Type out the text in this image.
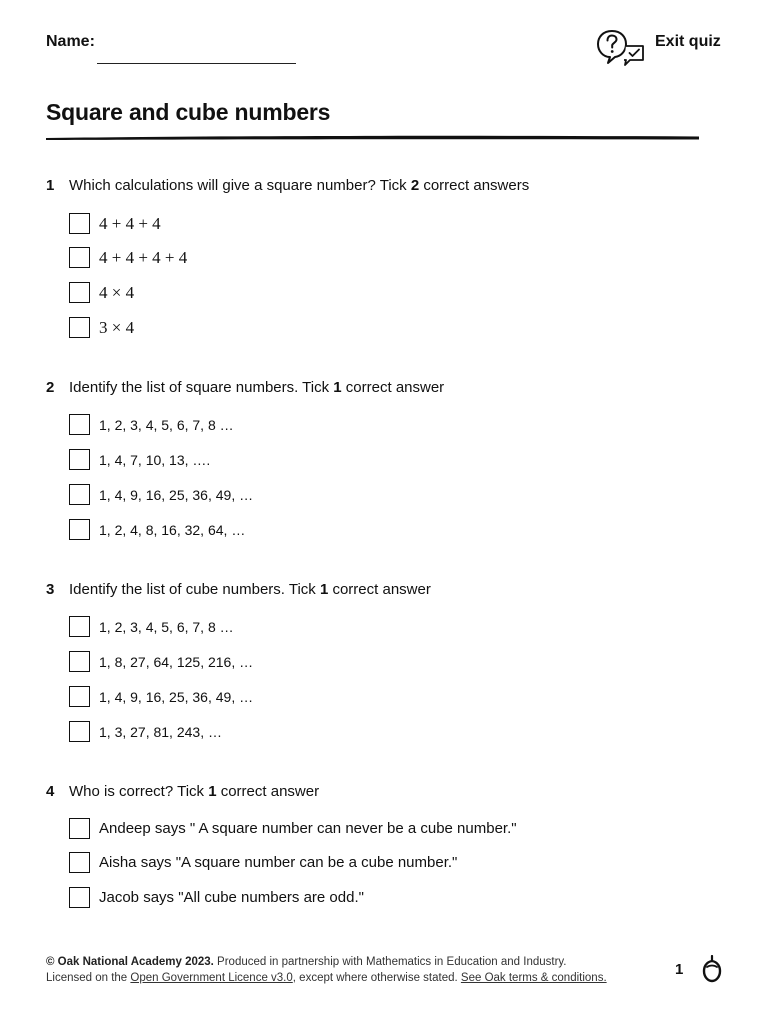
Name:	Exit quiz
Square and cube numbers
1 Which calculations will give a square number? Tick 2 correct answers
4 + 4 + 4
4 + 4 + 4 + 4
4 × 4
3 × 4
2 Identify the list of square numbers. Tick 1 correct answer
1, 2, 3, 4, 5, 6, 7, 8 …
1, 4, 7, 10, 13, ….
1, 4, 9, 16, 25, 36, 49, …
1, 2, 4, 8, 16, 32, 64, …
3 Identify the list of cube numbers. Tick 1 correct answer
1, 2, 3, 4, 5, 6, 7, 8 …
1, 8, 27, 64, 125, 216, …
1, 4, 9, 16, 25, 36, 49, …
1, 3, 27, 81, 243, …
4 Who is correct? Tick 1 correct answer
Andeep says " A square number can never be a cube number."
Aisha says "A square number can be a cube number."
Jacob says "All cube numbers are odd."
© Oak National Academy 2023. Produced in partnership with Mathematics in Education and Industry.
Licensed on the Open Government Licence v3.0, except where otherwise stated. See Oak terms & conditions.	1
